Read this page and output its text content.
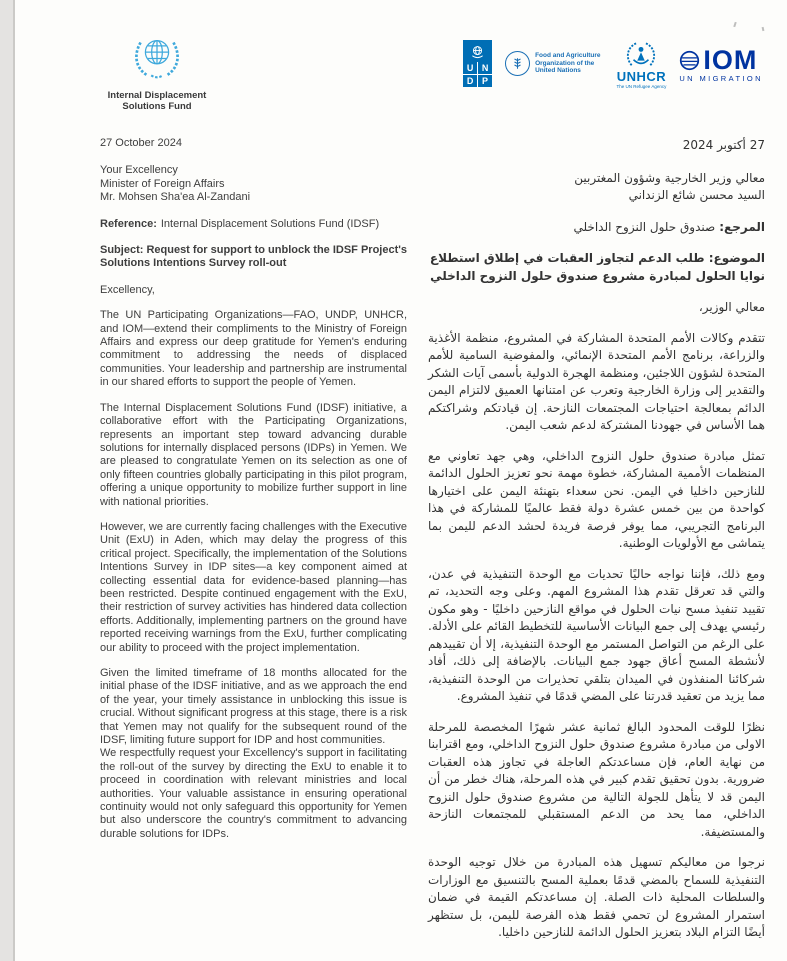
Internal Displacement
Solutions Fund
U N
D P
Food and Agriculture
Organization of the
United Nations	UNHCR
The UN Refugee Agency
IOM
UN MIGRATION
27 October 2024
Your Excellency
Minister of Foreign Affairs
Mr. Mohsen Sha'ea Al-Zandani
Reference: Internal Displacement Solutions Fund (IDSF)
Subject: Request for support to unblock the IDSF Project's Solutions Intentions Survey roll-out
Excellency,

The UN Participating Organizations—FAO, UNDP, UNHCR, and IOM—extend their compliments to the Ministry of Foreign Affairs and express our deep gratitude for Yemen's enduring commitment to addressing the needs of displaced communities. Your leadership and partnership are instrumental in our shared efforts to support the people of Yemen.

The Internal Displacement Solutions Fund (IDSF) initiative, a collaborative effort with the Participating Organizations, represents an important step toward advancing durable solutions for internally displaced persons (IDPs) in Yemen. We are pleased to congratulate Yemen on its selection as one of only fifteen countries globally participating in this pilot program, offering a unique opportunity to mobilize further support in line with national priorities.

However, we are currently facing challenges with the Executive Unit (ExU) in Aden, which may delay the progress of this critical project. Specifically, the implementation of the Solutions Intentions Survey in IDP sites—a key component aimed at collecting essential data for evidence-based planning—has been restricted. Despite continued engagement with the ExU, their restriction of survey activities has hindered data collection efforts. Additionally, implementing partners on the ground have reported receiving warnings from the ExU, further complicating our ability to proceed with the project implementation.

Given the limited timeframe of 18 months allocated for the initial phase of the IDSF initiative, and as we approach the end of the year, your timely assistance in unblocking this issue is crucial. Without significant progress at this stage, there is a risk that Yemen may not qualify for the subsequent round of the IDSF, limiting future support for IDP and host communities.

We respectfully request your Excellency's support in facilitating the roll-out of the survey by directing the ExU to enable it to proceed in coordination with relevant ministries and local authorities. Your valuable assistance in ensuring operational continuity would not only safeguard this opportunity for Yemen but also underscore the country's commitment to advancing durable solutions for IDPs.

27 أكتوبر 2024
معالي وزير الخارجية وشؤون المغتربين
السيد محسن شائع الزنداني
المرجع:صندوق حلول النزوح الداخلي
الموضوع: طلب الدعم لتجاوز العقبات في إطلاق استطلاع نوايا الحلول لمبادرة مشروع صندوق حلول النزوح الداخلي
معالي الوزير،

تتقدم وكالات الأمم المتحدة المشاركة في المشروع، منظمة الأغذية والزراعة، برنامج الأمم المتحدة الإنمائي، والمفوضية السامية للأمم المتحدة لشؤون اللاجئين، ومنظمة الهجرة الدولية بأسمى آيات الشكر والتقدير إلى وزارة الخارجية وتعرب عن امتنانها العميق لالتزام اليمن الدائم بمعالجة احتياجات المجتمعات النازحة. إن قيادتكم وشراكتكم هما الأساس في جهودنا المشتركة لدعم شعب اليمن.

تمثل مبادرة صندوق حلول النزوح الداخلي، وهي جهد تعاوني مع المنظمات الأممية المشاركة، خطوة مهمة نحو تعزيز الحلول الدائمة للنازحين داخليا في اليمن. نحن سعداء بتهنئة اليمن على اختيارها كواحدة من بين خمس عشرة دولة فقط عالميًا للمشاركة في هذا البرنامج التجريبي، مما يوفر فرصة فريدة لحشد الدعم لليمن بما يتماشى مع الأولويات الوطنية.

ومع ذلك، فإننا نواجه حاليًا تحديات مع الوحدة التنفيذية في عدن، والتي قد تعرقل تقدم هذا المشروع المهم. وعلى وجه التحديد، تم تقييد تنفيذ مسح نيات الحلول في مواقع النازحين داخليًا - وهو مكون رئيسي يهدف إلى جمع البيانات الأساسية للتخطيط القائم على الأدلة. على الرغم من التواصل المستمر مع الوحدة التنفيذية، إلا أن تقييدهم لأنشطة المسح أعاق جهود جمع البيانات. بالإضافة إلى ذلك، أفاد شركائنا المنفذون في الميدان بتلقي تحذيرات من الوحدة التنفيذية، مما يزيد من تعقيد قدرتنا على المضي قدمًا في تنفيذ المشروع.

نظرًا للوقت المحدود البالغ ثمانية عشر شهرًا المخصصة للمرحلة الاولى من مبادرة مشروع صندوق حلول النزوح الداخلي، ومع اقترابنا من نهاية العام، فإن مساعدتكم العاجلة في تجاوز هذه العقبات ضرورية. بدون تحقيق تقدم كبير في هذه المرحلة، هناك خطر من أن اليمن قد لا يتأهل للجولة التالية من مشروع صندوق حلول النزوح الداخلي، مما يحد من الدعم المستقبلي للمجتمعات النازحة والمستضيفة.

نرجوا من معاليكم تسهيل هذه المبادرة من خلال توجيه الوحدة التنفيذية للسماح بالمضي قدمًا بعملية المسح بالتنسيق مع الوزارات والسلطات المحلية ذات الصلة. إن مساعدتكم القيمة في ضمان استمرار المشروع لن تحمي فقط هذه الفرصة لليمن، بل ستظهر أيضًا التزام البلاد بتعزيز الحلول الدائمة للنازحين داخليا.
